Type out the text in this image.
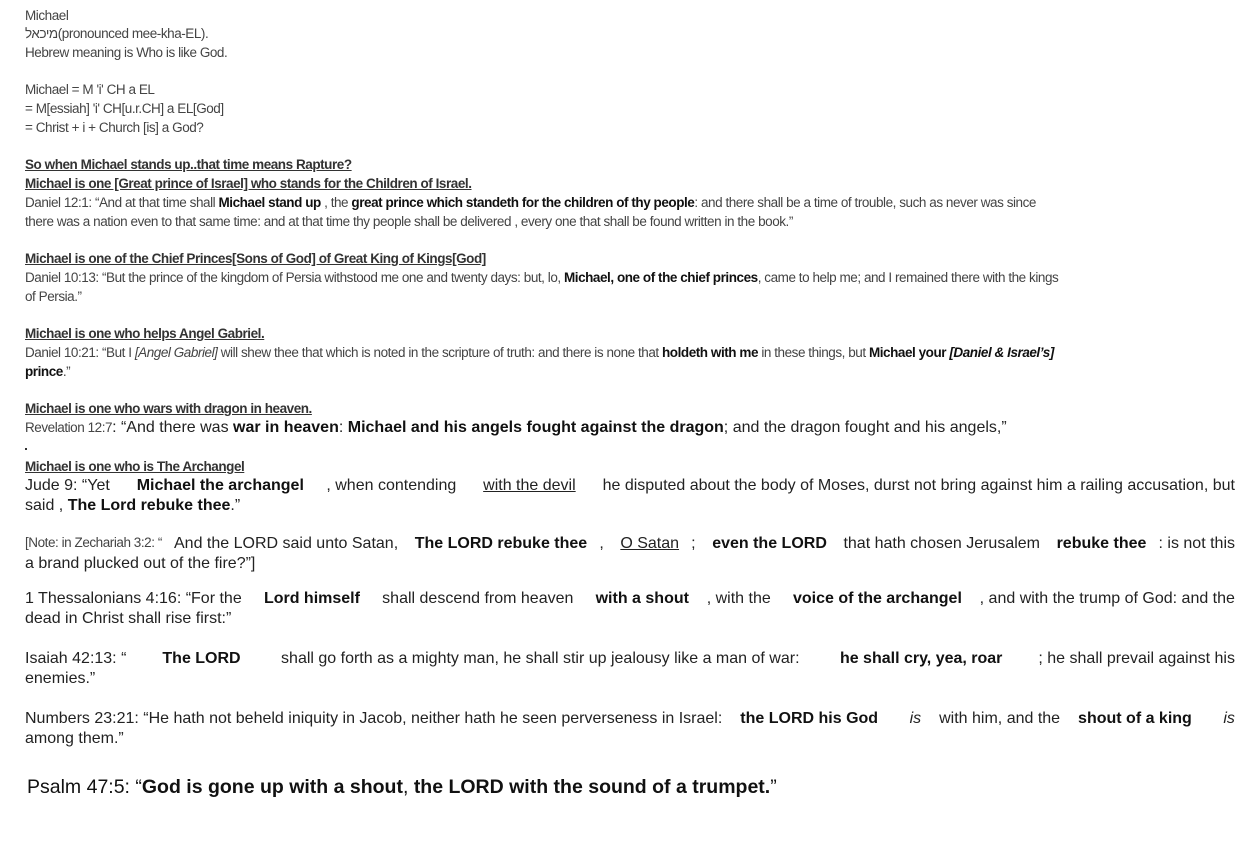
Michael
מיכאל(pronounced mee-kha-EL).
Hebrew meaning is Who is like God.
Michael = M 'i' CH a EL
= M[essiah] 'i' CH[u.r.CH] a EL[God]
= Christ + i + Church [is] a God?
So when Michael stands up..that time means Rapture?
Michael is one [Great prince of Israel] who stands for the Children of Israel.
Daniel 12:1: “And at that time shall Michael stand up , the great prince which standeth for the children of thy people: and there shall be a time of trouble, such as never was since
there was a nation even to that same time: and at that time thy people shall be delivered , every one that shall be found written in the book.”
Michael is one of the Chief Princes[Sons of God] of Great King of Kings[God]
Daniel 10:13: “But the prince of the kingdom of Persia withstood me one and twenty days: but, lo, Michael, one of the chief princes, came to help me; and I remained there with the kings
of Persia.”
Michael is one who helps Angel Gabriel.
Daniel 10:21: “But I [Angel Gabriel] will shew thee that which is noted in the scripture of truth: and there is none that holdeth with me in these things, but Michael your [Daniel & Israel’s]
prince.”
Michael is one who wars with dragon in heaven.
Revelation 12:7: “And there was war in heaven: Michael and his angels fought against the dragon; and the dragon fought and his angels,”
Michael is one who is The Archangel
Jude 9: “Yet Michael the archangel , when contending with the devil he disputed about the body of Moses, durst not bring against him a railing accusation, but
said , The Lord rebuke thee.”
[Note: in Zechariah 3:2: “ And the LORD said unto Satan, The LORD rebuke thee , O Satan ; even the LORD that hath chosen Jerusalem rebuke thee : is not this
a brand plucked out of the fire?”]
1 Thessalonians 4:16: “For the Lord himself shall descend from heaven with a shout , with the voice of the archangel , and with the trump of God: and the
dead in Christ shall rise first:”
Isaiah 42:13: “ The LORD shall go forth as a mighty man, he shall stir up jealousy like a man of war: he shall cry, yea, roar ; he shall prevail against his
enemies.”
Numbers 23:21: “He hath not beheld iniquity in Jacob, neither hath he seen perverseness in Israel: the LORD his God
is with him, and the shout of a king
is
among them.”
Psalm 47:5: “God is gone up with a shout, the LORD with the sound of a trumpet.”
